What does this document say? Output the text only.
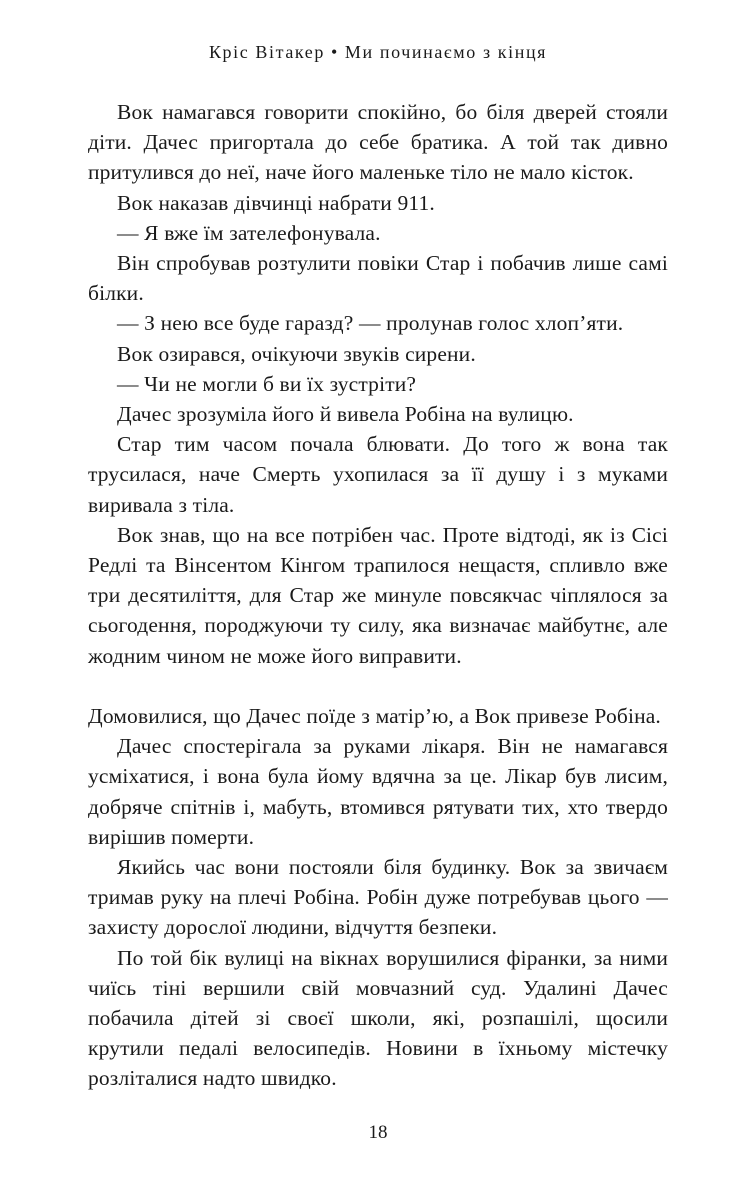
Кріс Вітакер • Ми починаємо з кінця

Вок намагався говорити спокійно, бо біля дверей стояли діти. Дачес пригортала до себе братика. А той так дивно притулився до неї, наче його маленьке тіло не мало кісток.

Вок наказав дівчинці набрати 911.

— Я вже їм зателефонувала.

Він спробував розтулити повіки Стар і побачив лише самі білки.

— З нею все буде гаразд? — пролунав голос хлоп’яти.

Вок озирався, очікуючи звуків сирени.

— Чи не могли б ви їх зустріти?

Дачес зрозуміла його й вивела Робіна на вулицю.

Стар тим часом почала блювати. До того ж вона так трусилася, наче Смерть ухопилася за її душу і з муками виривала з тіла.

Вок знав, що на все потрібен час. Проте відтоді, як із Сісі Редлі та Вінсентом Кінгом трапилося нещастя, спливло вже три десятиліття, для Стар же минуле повсякчас чіплялося за сьогодення, породжуючи ту силу, яка визначає майбутнє, але жодним чином не може його виправити.

Домовилися, що Дачес поїде з матір’ю, а Вок привезе Робіна.

Дачес спостерігала за руками лікаря. Він не намагався усміхатися, і вона була йому вдячна за це. Лікар був лисим, добряче спітнів і, мабуть, втомився рятувати тих, хто твердо вирішив померти.

Якийсь час вони постояли біля будинку. Вок за звичаєм тримав руку на плечі Робіна. Робін дуже потребував цього — захисту дорослої людини, відчуття безпеки.

По той бік вулиці на вікнах ворушилися фіранки, за ними чиїсь тіні вершили свій мовчазний суд. Удалині Дачес побачила дітей зі своєї школи, які, розпашілі, щосили крутили педалі велосипедів. Новини в їхньому містечку розліталися надто швидко.

18
